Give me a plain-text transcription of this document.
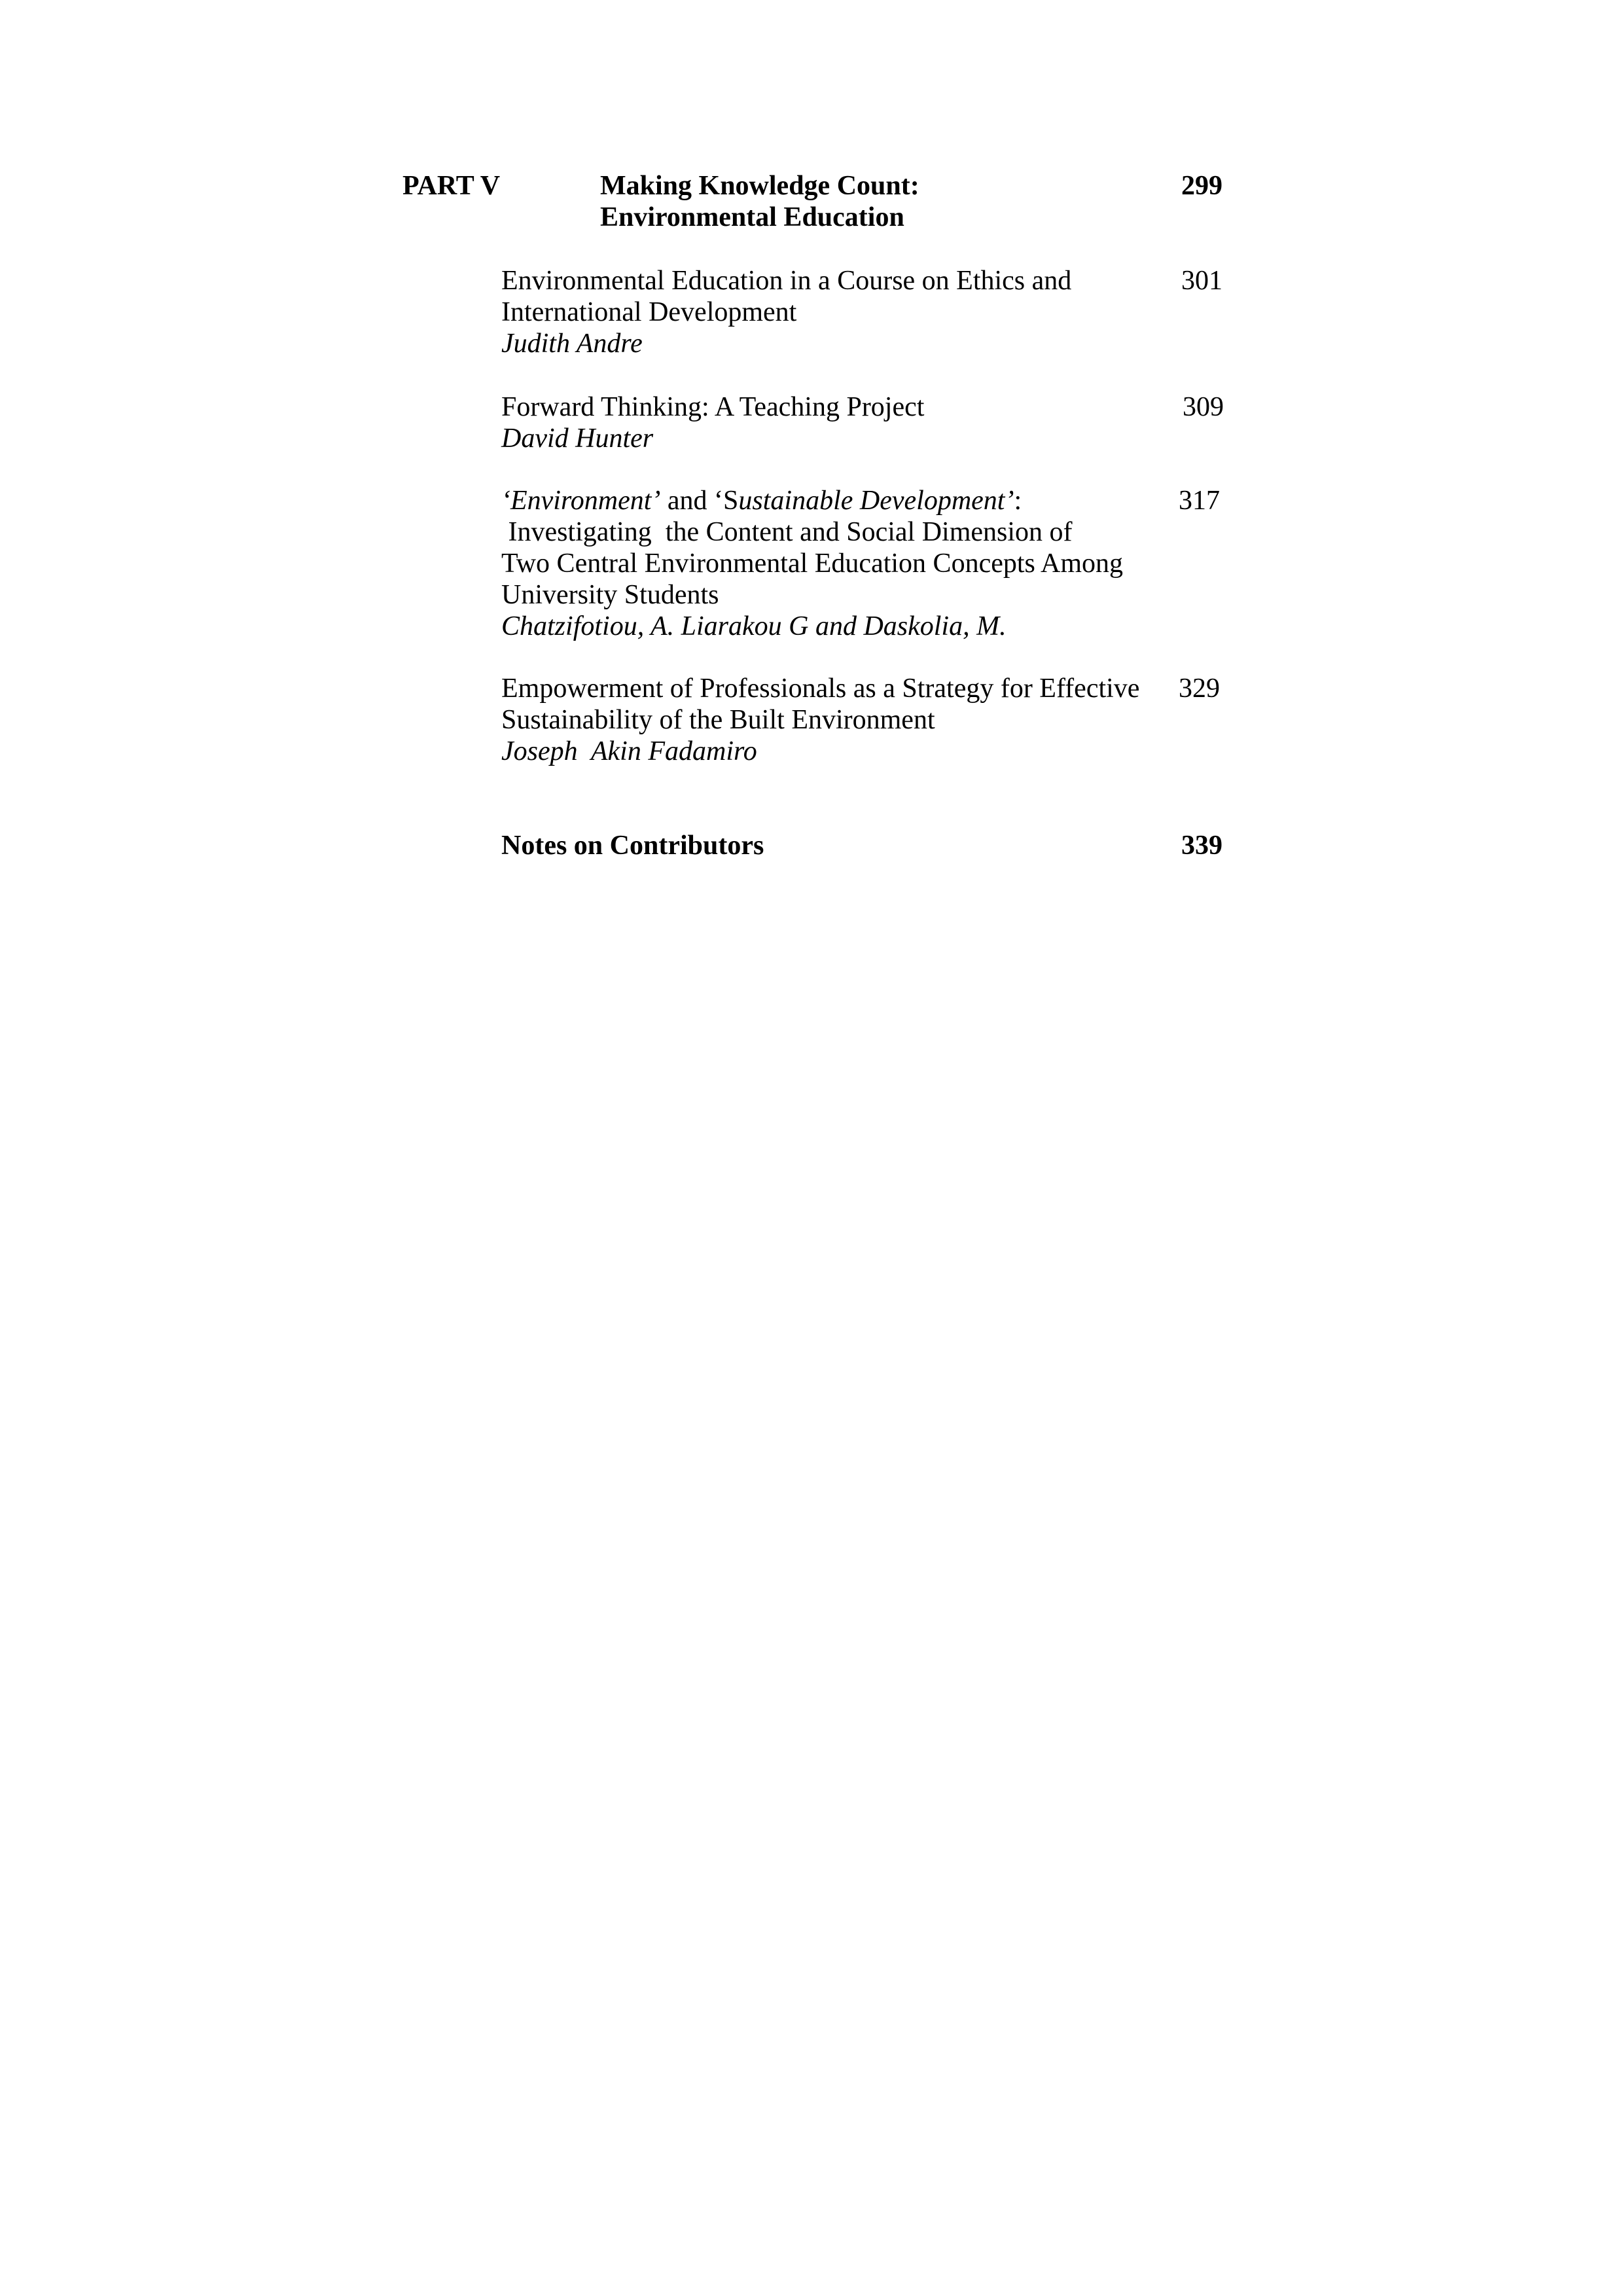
PART V	Making Knowledge Count:
Environmental Education
299
Environmental Education in a Course on Ethics and
International Development
Judith Andre
301
Forward Thinking: A Teaching Project
David Hunter
309
‘Environment’ and ‘Sustainable Development’:
Investigating  the Content and Social Dimension of
Two Central Environmental Education Concepts Among
University Students
Chatzifotiou, A. Liarakou G and Daskolia, M.
317
Empowerment of Professionals as a Strategy for Effective
Sustainability of the Built Environment
Joseph  Akin Fadamiro
329
Notes on Contributors	339
